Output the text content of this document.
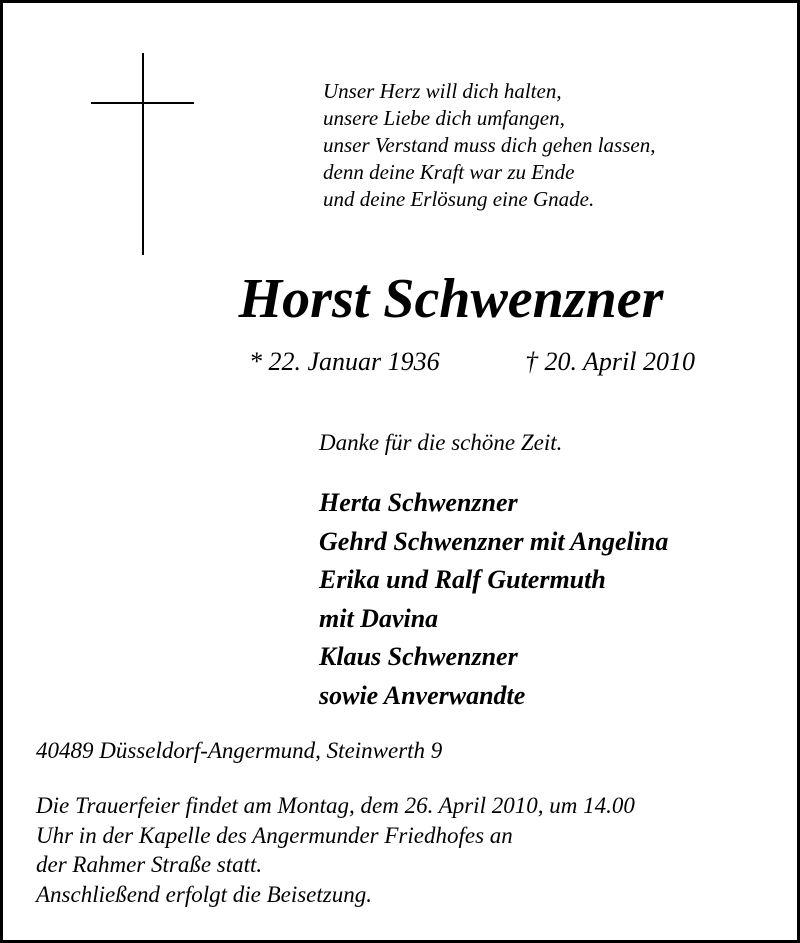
Unser Herz will dich halten,
unsere Liebe dich umfangen,
unser Verstand muss dich gehen lassen,
denn deine Kraft war zu Ende
und deine Erlösung eine Gnade.
Horst Schwenzner
* 22. Januar 1936	† 20. April 2010
Danke für die schöne Zeit.
Herta Schwenzner
Gehrd Schwenzner mit Angelina
Erika und Ralf Gutermuth
mit Davina
Klaus Schwenzner
sowie Anverwandte
40489 Düsseldorf-Angermund, Steinwerth 9
Die Trauerfeier findet am Montag, dem 26. April 2010, um 14.00
Uhr in der Kapelle des Angermunder Friedhofes an
der Rahmer Straße statt.
Anschließend erfolgt die Beisetzung.
